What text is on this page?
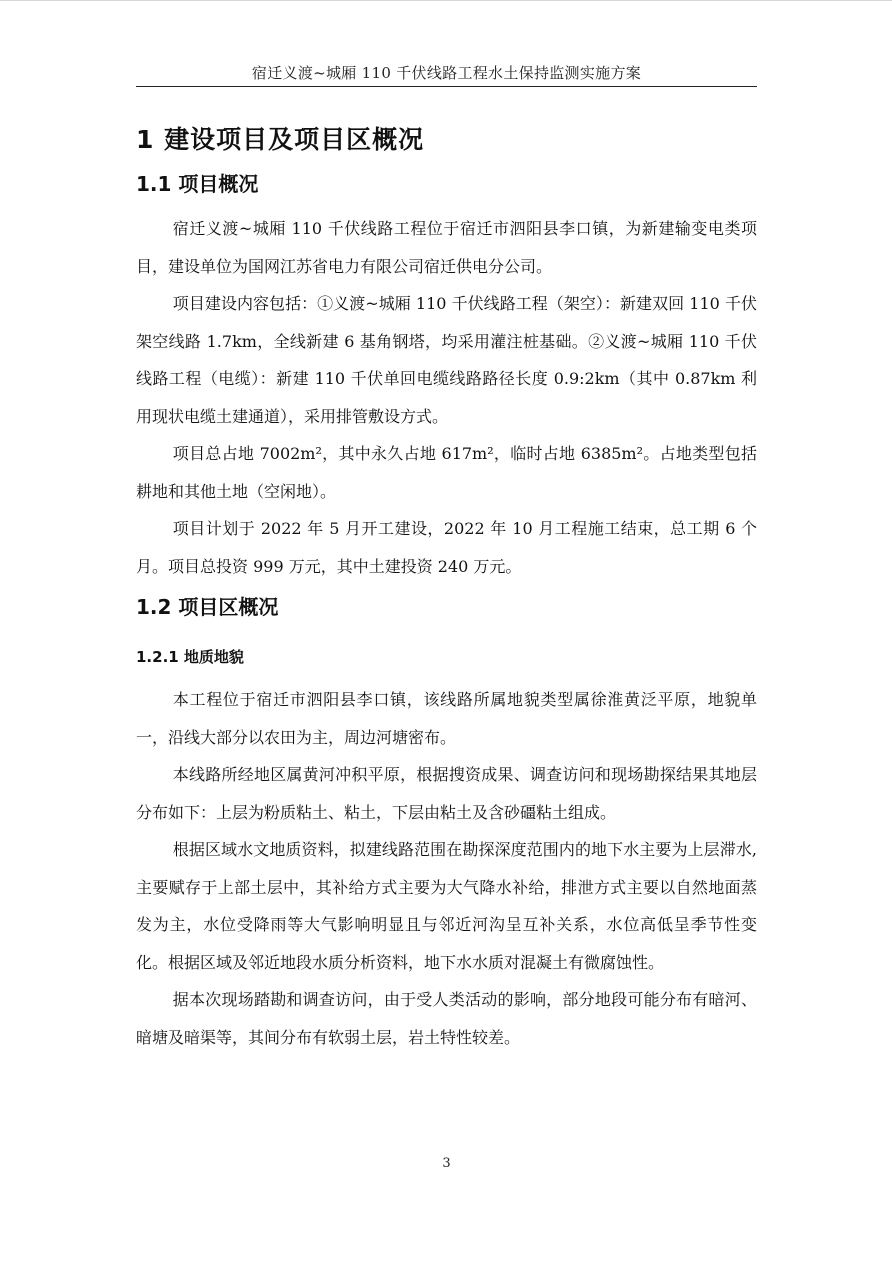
宿迁义渡~城厢 110 千伏线路工程水土保持监测实施方案
1 建设项目及项目区概况
1.1 项目概况

宿迁义渡~城厢 110 千伏线路工程位于宿迁市泗阳县李口镇，为新建输变电类项目，建设单位为国网江苏省电力有限公司宿迁供电分公司。

项目建设内容包括：①义渡~城厢 110 千伏线路工程（架空）：新建双回 110 千伏架空线路 1.7km，全线新建 6 基角钢塔，均采用灌注桩基础。②义渡~城厢 110 千伏线路工程（电缆）：新建 110 千伏单回电缆线路路径长度 0.9:2km（其中 0.87km 利用现状电缆土建通道），采用排管敷设方式。

项目总占地 7002m²，其中永久占地 617m²，临时占地 6385m²。占地类型包括耕地和其他土地（空闲地）。

项目计划于 2022 年 5 月开工建设，2022 年 10 月工程施工结束，总工期 6 个月。项目总投资 999 万元，其中土建投资 240 万元。

1.2 项目区概况
1.2.1 地质地貌

本工程位于宿迁市泗阳县李口镇，该线路所属地貌类型属徐淮黄泛平原，地貌单一，沿线大部分以农田为主，周边河塘密布。

本线路所经地区属黄河冲积平原，根据搜资成果、调查访问和现场勘探结果其地层分布如下：上层为粉质粘土、粘土，下层由粘土及含砂礓粘土组成。

根据区域水文地质资料，拟建线路范围在勘探深度范围内的地下水主要为上层滞水,主要赋存于上部土层中，其补给方式主要为大气降水补给，排泄方式主要以自然地面蒸发为主，水位受降雨等大气影响明显且与邻近河沟呈互补关系，水位高低呈季节性变化。根据区域及邻近地段水质分析资料，地下水水质对混凝土有微腐蚀性。

据本次现场踏勘和调查访问，由于受人类活动的影响，部分地段可能分布有暗河、暗塘及暗渠等，其间分布有软弱土层，岩土特性较差。

3
